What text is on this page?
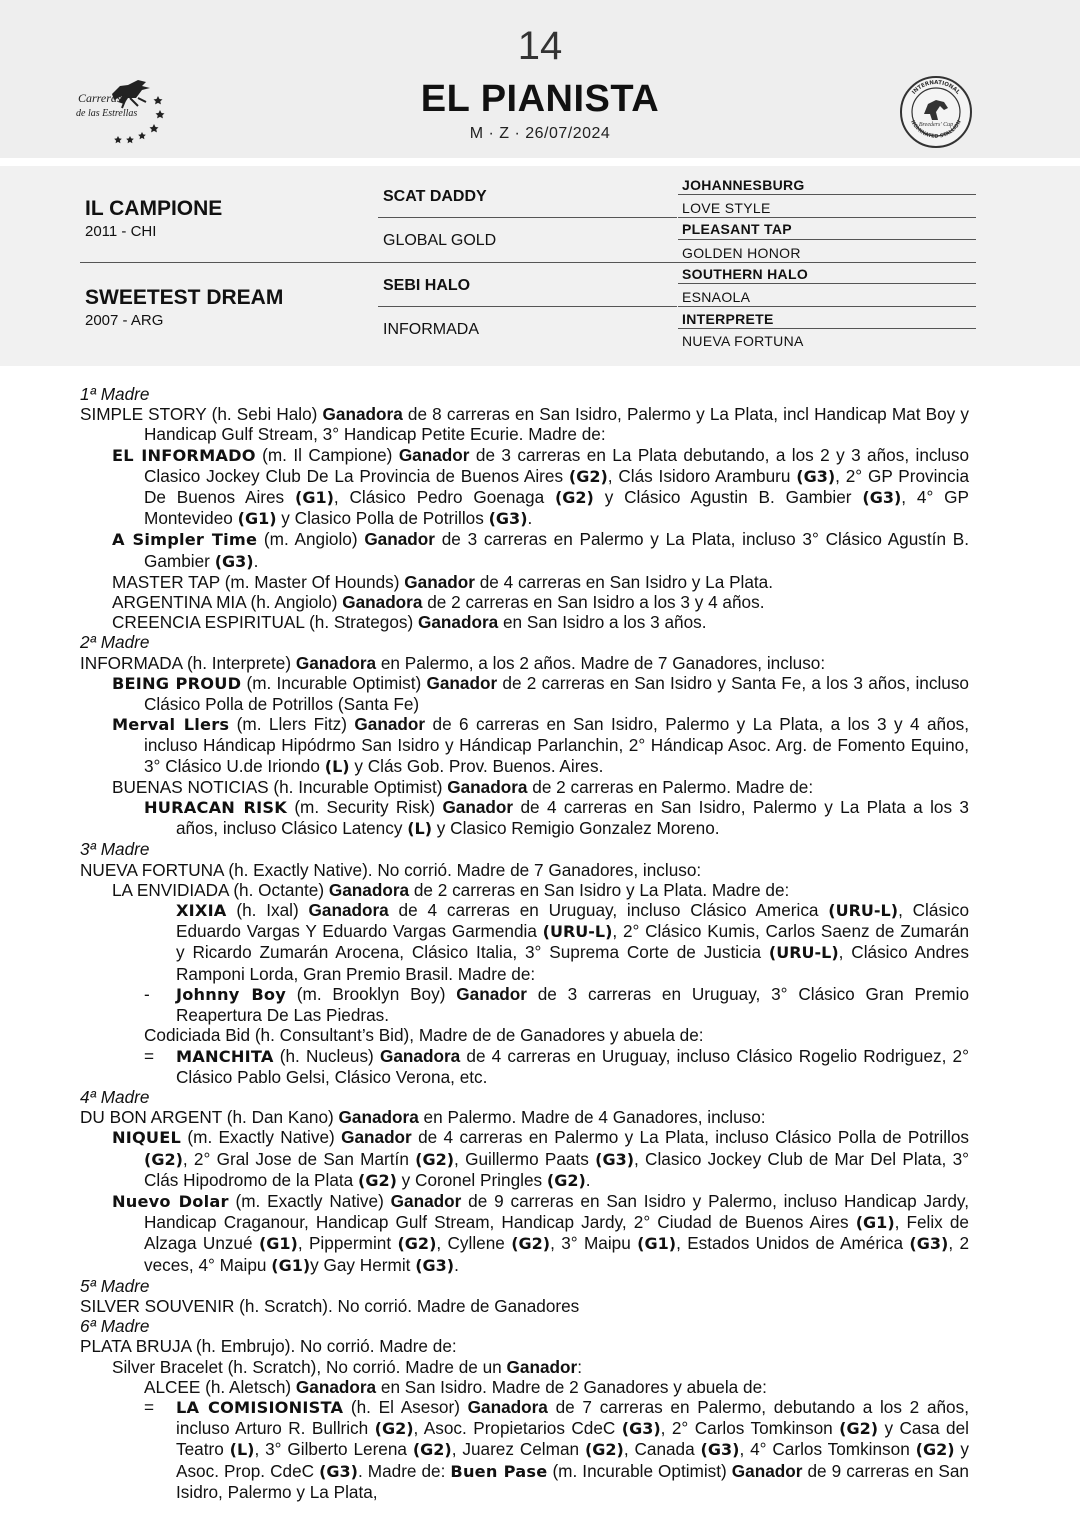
14
EL PIANISTA
M · Z · 26/07/2024
Carreras
de las Estrellas
INTERNATIONAL
NOMINATED STALLION
Breeders' Cup
IL CAMPIONE
2011 - CHI
SWEETEST DREAM
2007 - ARG
SCAT DADDY
GLOBAL GOLD
SEBI HALO
INFORMADA
JOHANNESBURG
LOVE STYLE
PLEASANT TAP
GOLDEN HONOR
SOUTHERN HALO
ESNAOLA
INTERPRETE
NUEVA FORTUNA
1ª Madre

SIMPLE STORY (h. Sebi Halo) Ganadora de 8 carreras en San Isidro, Palermo y La Plata, incl Handicap Mat Boy y Handicap Gulf Stream, 3° Handicap Petite Ecurie. Madre de:

EL INFORMADO (m. Il Campione) Ganador de 3 carreras en La Plata debutando, a los 2 y 3 años, incluso Clasico Jockey Club De La Provincia de Buenos Aires (G2), Clás Isidoro Aramburu (G3), 2° GP Provincia De Buenos Aires (G1), Clásico Pedro Goenaga (G2) y Clásico Agustin B. Gambier (G3), 4° GP Montevideo (G1) y Clasico Polla de Potrillos (G3).

A Simpler Time (m. Angiolo) Ganador de 3 carreras en Palermo y La Plata, incluso 3° Clásico Agustín B. Gambier (G3).

MASTER TAP (m. Master Of Hounds) Ganador de 4 carreras en San Isidro y La Plata.

ARGENTINA MIA (h. Angiolo) Ganadora de 2 carreras en San Isidro a los 3 y 4 años.

CREENCIA ESPIRITUAL (h. Strategos) Ganadora en San Isidro a los 3 años.

2ª Madre

INFORMADA (h. Interprete) Ganadora en Palermo, a los 2 años. Madre de 7 Ganadores, incluso:

BEING PROUD (m. Incurable Optimist) Ganador de 2 carreras en San Isidro y Santa Fe, a los 3 años, incluso Clásico Polla de Potrillos (Santa Fe)

Merval Llers (m. Llers Fitz) Ganador de 6 carreras en San Isidro, Palermo y La Plata, a los 3 y 4 años, incluso Hándicap Hipódrmo San Isidro y Hándicap Parlanchin, 2° Hándicap Asoc. Arg. de Fomento Equino, 3° Clásico U.de Iriondo (L) y Clás Gob. Prov. Buenos. Aires.

BUENAS NOTICIAS (h. Incurable Optimist) Ganadora de 2 carreras en Palermo. Madre de:

HURACAN RISK (m. Security Risk) Ganador de 4 carreras en San Isidro, Palermo y La Plata a los 3 años, incluso Clásico Latency (L) y Clasico Remigio Gonzalez Moreno.

3ª Madre

NUEVA FORTUNA (h. Exactly Native). No corrió. Madre de 7 Ganadores, incluso:

LA ENVIDIADA (h. Octante) Ganadora de 2 carreras en San Isidro y La Plata. Madre de:

XIXIA (h. Ixal) Ganadora de 4 carreras en Uruguay, incluso Clásico America (URU-L), Clásico Eduardo Vargas Y Eduardo Vargas Garmendia (URU-L), 2° Clásico Kumis, Carlos Saenz de Zumarán y Ricardo Zumarán Arocena, Clásico Italia, 3° Suprema Corte de Justicia (URU-L), Clásico Andres Ramponi Lorda, Gran Premio Brasil. Madre de:

- Johnny Boy (m. Brooklyn Boy) Ganador de 3 carreras en Uruguay, 3° Clásico Gran Premio Reapertura De Las Piedras.

Codiciada Bid (h. Consultant’s Bid), Madre de de Ganadores y abuela de:

= MANCHITA (h. Nucleus) Ganadora de 4 carreras en Uruguay, incluso Clásico Rogelio Rodriguez, 2° Clásico Pablo Gelsi, Clásico Verona, etc.

4ª Madre

DU BON ARGENT (h. Dan Kano) Ganadora en Palermo. Madre de 4 Ganadores, incluso:

NIQUEL (m. Exactly Native) Ganador de 4 carreras en Palermo y La Plata, incluso Clásico Polla de Potrillos (G2), 2° Gral Jose de San Martín (G2), Guillermo Paats (G3), Clasico Jockey Club de Mar Del Plata, 3° Clás Hipodromo de la Plata (G2) y Coronel Pringles (G2).

Nuevo Dolar (m. Exactly Native) Ganador de 9 carreras en San Isidro y Palermo, incluso Handicap Jardy, Handicap Craganour, Handicap Gulf Stream, Handicap Jardy, 2° Ciudad de Buenos Aires (G1), Felix de Alzaga Unzué (G1), Pippermint (G2), Cyllene (G2), 3° Maipu (G1), Estados Unidos de América (G3), 2 veces, 4° Maipu (G1)y Gay Hermit (G3).

5ª Madre

SILVER SOUVENIR (h. Scratch). No corrió. Madre de Ganadores

6ª Madre

PLATA BRUJA (h. Embrujo). No corrió. Madre de:

Silver Bracelet (h. Scratch), No corrió. Madre de un Ganador:

ALCEE (h. Aletsch) Ganadora en San Isidro. Madre de 2 Ganadores y abuela de:

= LA COMISIONISTA (h. El Asesor) Ganadora de 7 carreras en Palermo, debutando a los 2 años, incluso Arturo R. Bullrich (G2), Asoc. Propietarios CdeC (G3), 2° Carlos Tomkinson (G2) y Casa del Teatro (L), 3° Gilberto Lerena (G2), Juarez Celman (G2), Canada (G3), 4° Carlos Tomkinson (G2) y Asoc. Prop. CdeC (G3). Madre de: Buen Pase (m. Incurable Optimist) Ganador de 9 carreras en San Isidro, Palermo y La Plata,
